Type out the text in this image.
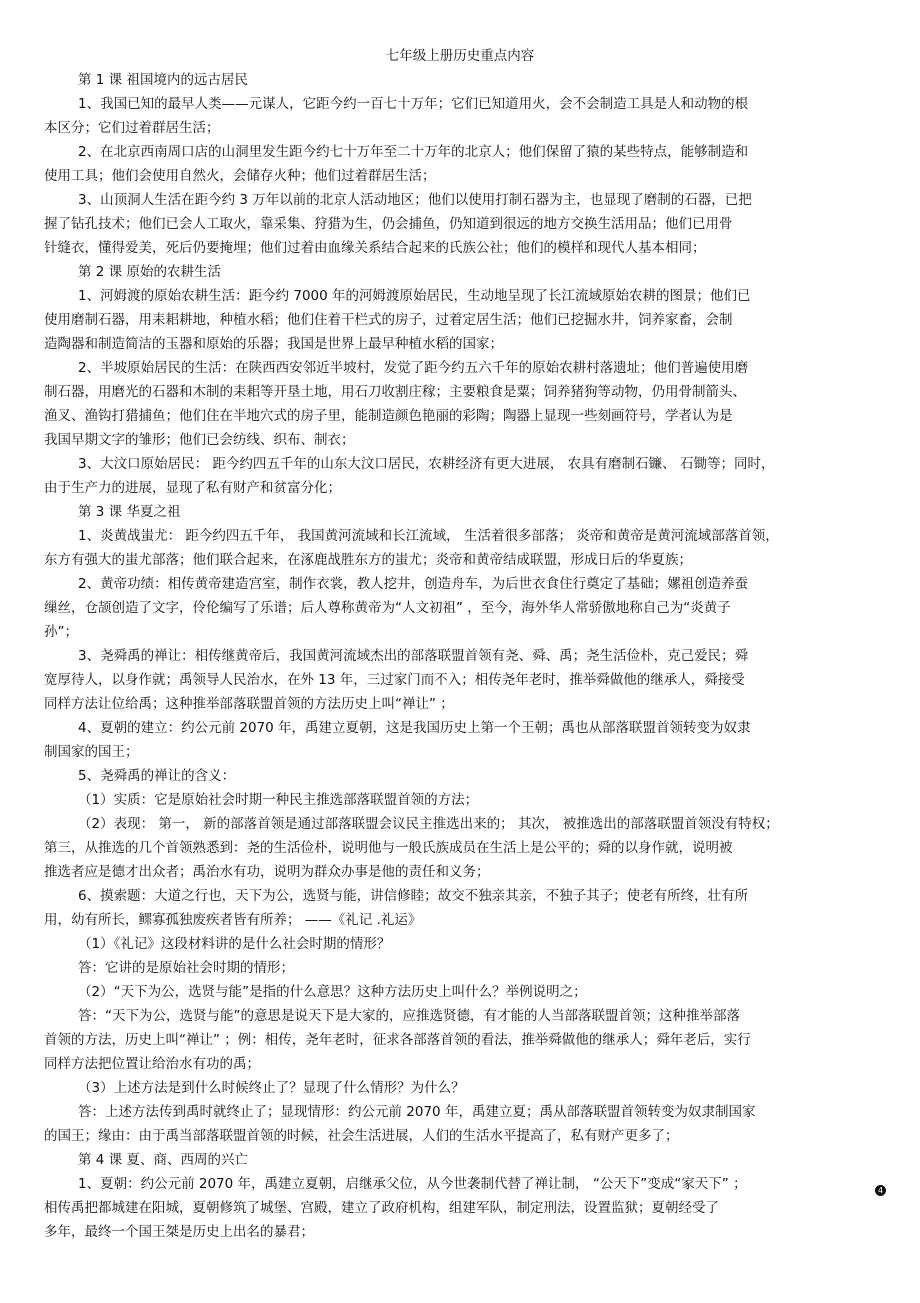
七年级上册历史重点内容
第 1 课 祖国境内的远古居民
1、我国已知的最早人类——元谋人，它距今约一百七十万年；它们已知道用火，会不会制造工具是人和动物的根
本区分；它们过着群居生活；
2、在北京西南周口店的山洞里发生距今约七十万年至二十万年的北京人；他们保留了猿的某些特点，能够制造和
使用工具；他们会使用自然火，会储存火种；他们过着群居生活；
3、山顶洞人生活在距今约 3 万年以前的北京人活动地区；他们以使用打制石器为主，也显现了磨制的石器，已把
握了钻孔技术；他们已会人工取火，靠采集、狩猎为生，仍会捕鱼，仍知道到很远的地方交换生活用品；他们已用骨
针缝衣，懂得爱美，死后仍要掩埋；他们过着由血缘关系结合起来的氏族公社；他们的模样和现代人基本相同；
第 2 课 原始的农耕生活
1、河姆渡的原始农耕生活：距今约 7000 年的河姆渡原始居民，生动地呈现了长江流域原始农耕的图景；他们已
使用磨制石器，用耒耜耕地，种植水稻；他们住着干栏式的房子，过着定居生活；他们已挖掘水井，饲养家畜，会制
造陶器和制造简洁的玉器和原始的乐器；我国是世界上最早种植水稻的国家；
2、半坡原始居民的生活：在陕西西安邻近半坡村，发觉了距今约五六千年的原始农耕村落遗址；他们普遍使用磨
制石器，用磨光的石器和木制的耒耜等开垦土地，用石刀收割庄稼；主要粮食是粟；饲养猪狗等动物，仍用骨制箭头、
渔叉、渔钩打猎捕鱼；他们住在半地穴式的房子里，能制造颜色艳丽的彩陶；陶器上显现一些刻画符号，学者认为是
我国早期文字的雏形；他们已会纺线、织布、制衣；
3、大汶口原始居民： 距今约四五千年的山东大汶口居民，农耕经济有更大进展， 农具有磨制石镰、 石锄等；同时，
由于生产力的进展，显现了私有财产和贫富分化；
第 3 课 华夏之祖
1、炎黄战蚩尤： 距今约四五千年， 我国黄河流域和长江流域， 生活着很多部落； 炎帝和黄帝是黄河流域部落首领，
东方有强大的蚩尤部落；他们联合起来，在涿鹿战胜东方的蚩尤；炎帝和黄帝结成联盟，形成日后的华夏族；
2、黄帝功绩：相传黄帝建造宫室，制作衣裳，教人挖井，创造舟车，为后世衣食住行奠定了基础；嫘祖创造养蚕
缫丝，仓颉创造了文字，伶伦编写了乐谱；后人尊称黄帝为“人文初祖” ，至今，海外华人常骄傲地称自己为“炎黄子
孙”；
3、尧舜禹的禅让：相传继黄帝后，我国黄河流域杰出的部落联盟首领有尧、舜、禹；尧生活俭朴，克己爱民；舜
宽厚待人，以身作就；禹领导人民治水，在外 13 年，三过家门而不入；相传尧年老时，推举舜做他的继承人，舜接受
同样方法让位给禹；这种推举部落联盟首领的方法历史上叫“禅让” ；
4、夏朝的建立：约公元前 2070 年，禹建立夏朝，这是我国历史上第一个王朝；禹也从部落联盟首领转变为奴隶
制国家的国王；
5、尧舜禹的禅让的含义：
（1）实质：它是原始社会时期一种民主推选部落联盟首领的方法；
（2）表现： 第一， 新的部落首领是通过部落联盟会议民主推选出来的； 其次， 被推选出的部落联盟首领没有特权；
第三，从推选的几个首领熟悉到：尧的生活俭朴，说明他与一般氏族成员在生活上是公平的；舜的以身作就，说明被
推选者应是德才出众者；禹治水有功，说明为群众办事是他的责任和义务；
6、摸索题：大道之行也，天下为公，选贤与能，讲信修睦；故交不独亲其亲，不独子其子；使老有所终，壮有所
用，幼有所长，鳏寡孤独废疾者皆有所养； ——《礼记 .礼运》
（1）《礼记》这段材料讲的是什么社会时期的情形？
答：它讲的是原始社会时期的情形；
（2）“天下为公，选贤与能”是指的什么意思？这种方法历史上叫什么？举例说明之；
答：“天下为公，选贤与能”的意思是说天下是大家的，应推选贤德，有才能的人当部落联盟首领；这种推举部落
首领的方法，历史上叫“禅让” ；例：相传，尧年老时，征求各部落首领的看法，推举舜做他的继承人；舜年老后，实行
同样方法把位置让给治水有功的禹；
（3）上述方法是到什么时候终止了？显现了什么情形？为什么？
答：上述方法传到禹时就终止了；显现情形：约公元前 2070 年，禹建立夏；禹从部落联盟首领转变为奴隶制国家
的国王；缘由：由于禹当部落联盟首领的时候，社会生活进展，人们的生活水平提高了，私有财产更多了；
第 4 课 夏、商、西周的兴亡
1、夏朝：约公元前 2070 年，禹建立夏朝，启继承父位，从今世袭制代替了禅让制， “公天下”变成“家天下” ；
相传禹把都城建在阳城，夏朝修筑了城堡、宫殿，建立了政府机构，组建军队，制定刑法，设置监狱；夏朝经受了
多年，最终一个国王桀是历史上出名的暴君；
4
